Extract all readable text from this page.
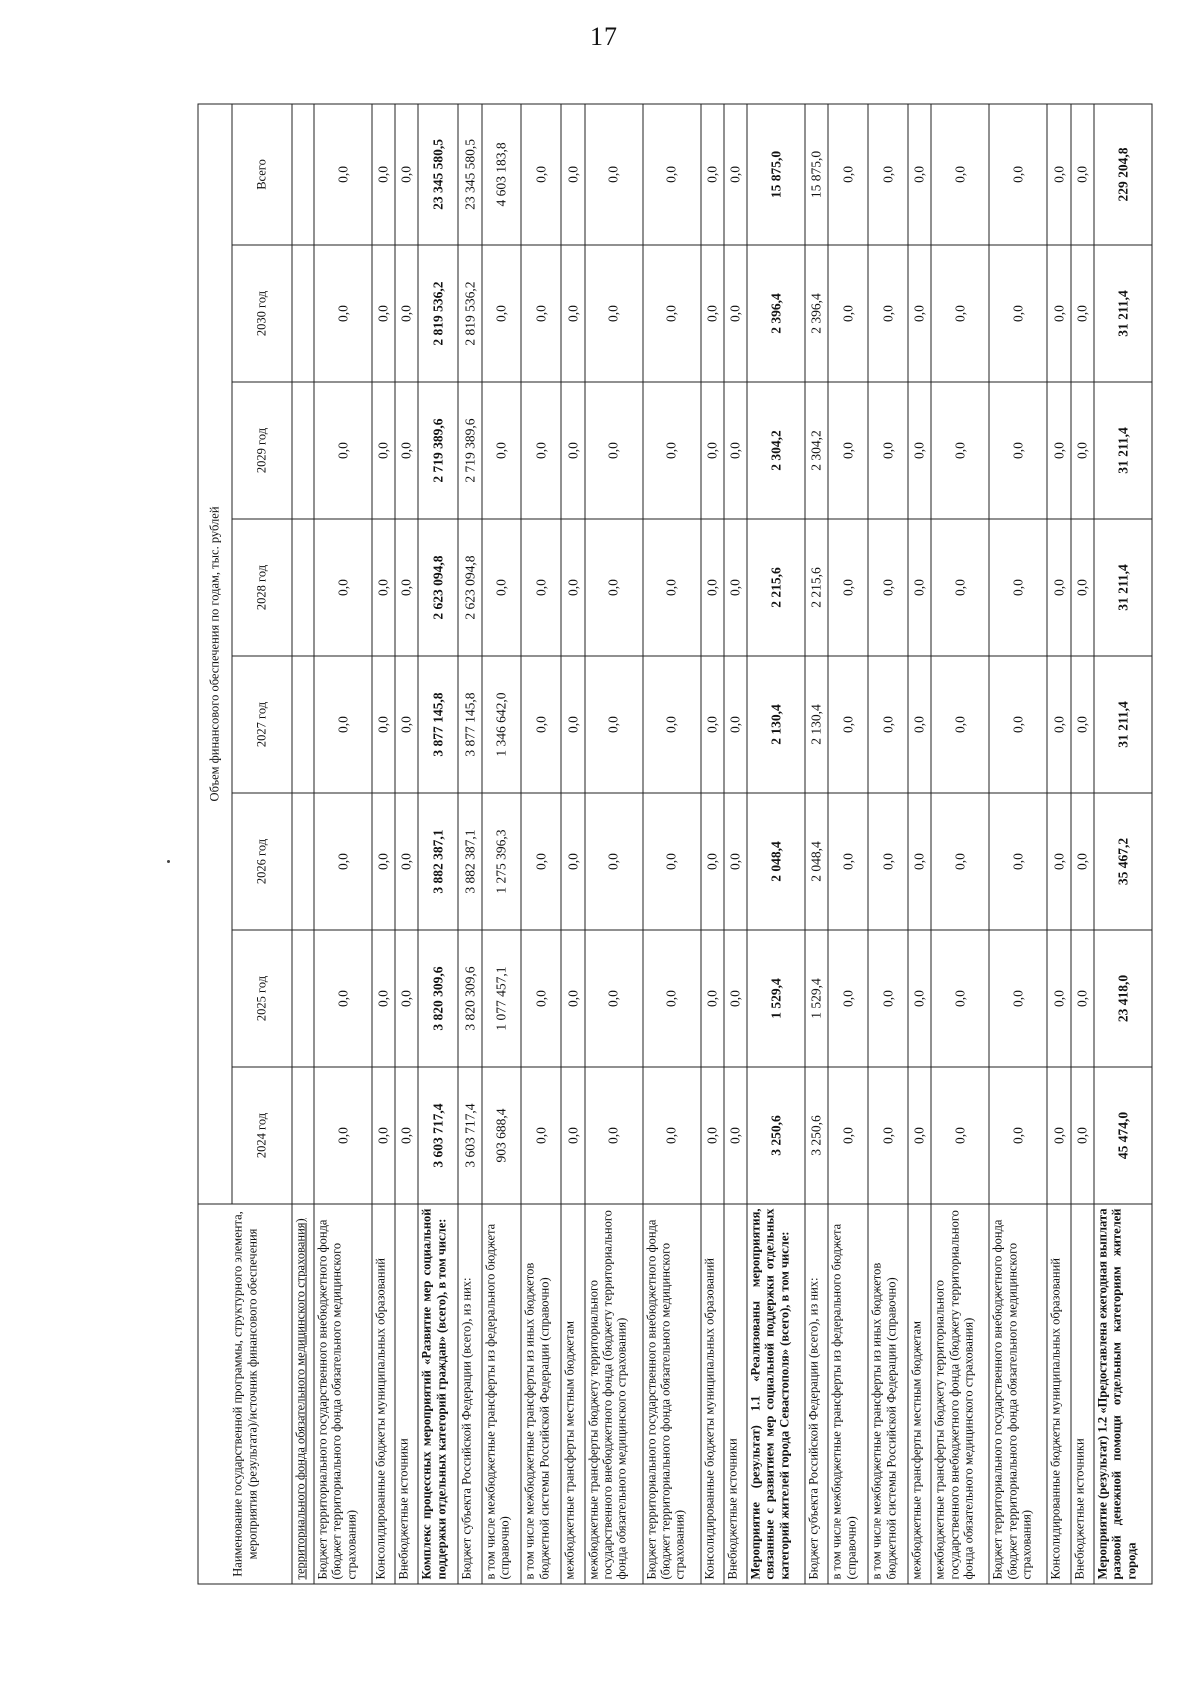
17
Наименование государственной программы, структурного элемента, мероприятия (результата)/источник финансового обеспечения	Объем финансового обеспечения по годам, тыс. рублей							
	2024 год	2025 год	2026 год	2027 год	2028 год	2029 год	2030 год	Всего
территориального фонда обязательного медицинского страхования)								
Бюджет территориального государственного внебюджетного фонда (бюджет территориального фонда обязательного медицинского страхования)	0,0	0,0	0,0	0,0	0,0	0,0	0,0	0,0
Консолидированные бюджеты муниципальных образований	0,0	0,0	0,0	0,0	0,0	0,0	0,0	0,0
Внебюджетные источники	0,0	0,0	0,0	0,0	0,0	0,0	0,0	0,0
Комплекс процессных мероприятий «Развитие мер социальной поддержки отдельных категорий граждан» (всего), в том числе:	3 603 717,4	3 820 309,6	3 882 387,1	3 877 145,8	2 623 094,8	2 719 389,6	2 819 536,2	23 345 580,5
Бюджет субъекта Российской Федерации (всего), из них:	3 603 717,4	3 820 309,6	3 882 387,1	3 877 145,8	2 623 094,8	2 719 389,6	2 819 536,2	23 345 580,5
в том числе межбюджетные трансферты из федерального бюджета (справочно)	903 688,4	1 077 457,1	1 275 396,3	1 346 642,0	0,0	0,0	0,0	4 603 183,8
в том числе межбюджетные трансферты из иных бюджетов бюджетной системы Российской Федерации (справочно)	0,0	0,0	0,0	0,0	0,0	0,0	0,0	0,0
межбюджетные трансферты местным бюджетам	0,0	0,0	0,0	0,0	0,0	0,0	0,0	0,0
межбюджетные трансферты бюджету территориального государственного внебюджетного фонда (бюджету территориального фонда обязательного медицинского страхования)	0,0	0,0	0,0	0,0	0,0	0,0	0,0	0,0
Бюджет территориального государственного внебюджетного фонда (бюджет территориального фонда обязательного медицинского страхования)	0,0	0,0	0,0	0,0	0,0	0,0	0,0	0,0
Консолидированные бюджеты муниципальных образований	0,0	0,0	0,0	0,0	0,0	0,0	0,0	0,0
Внебюджетные источники	0,0	0,0	0,0	0,0	0,0	0,0	0,0	0,0
Мероприятие (результат) 1.1 «Реализованы мероприятия, связанные с развитием мер социальной поддержки отдельных категорий жителей города Севастополя» (всего), в том числе:	3 250,6	1 529,4	2 048,4	2 130,4	2 215,6	2 304,2	2 396,4	15 875,0
Бюджет субъекта Российской Федерации (всего), из них:	3 250,6	1 529,4	2 048,4	2 130,4	2 215,6	2 304,2	2 396,4	15 875,0
в том числе межбюджетные трансферты из федерального бюджета (справочно)	0,0	0,0	0,0	0,0	0,0	0,0	0,0	0,0
в том числе межбюджетные трансферты из иных бюджетов бюджетной системы Российской Федерации (справочно)	0,0	0,0	0,0	0,0	0,0	0,0	0,0	0,0
межбюджетные трансферты местным бюджетам	0,0	0,0	0,0	0,0	0,0	0,0	0,0	0,0
межбюджетные трансферты бюджету территориального государственного внебюджетного фонда (бюджету территориального фонда обязательного медицинского страхования)	0,0	0,0	0,0	0,0	0,0	0,0	0,0	0,0
Бюджет территориального государственного внебюджетного фонда (бюджет территориального фонда обязательного медицинского страхования)	0,0	0,0	0,0	0,0	0,0	0,0	0,0	0,0
Консолидированные бюджеты муниципальных образований	0,0	0,0	0,0	0,0	0,0	0,0	0,0	0,0
Внебюджетные источники	0,0	0,0	0,0	0,0	0,0	0,0	0,0	0,0
Мероприятие (результат) 1.2 «Предоставлена ежегодная выплата разовой денежной помощи отдельным категориям жителей города	45 474,0	23 418,0	35 467,2	31 211,4	31 211,4	31 211,4	31 211,4	229 204,8
